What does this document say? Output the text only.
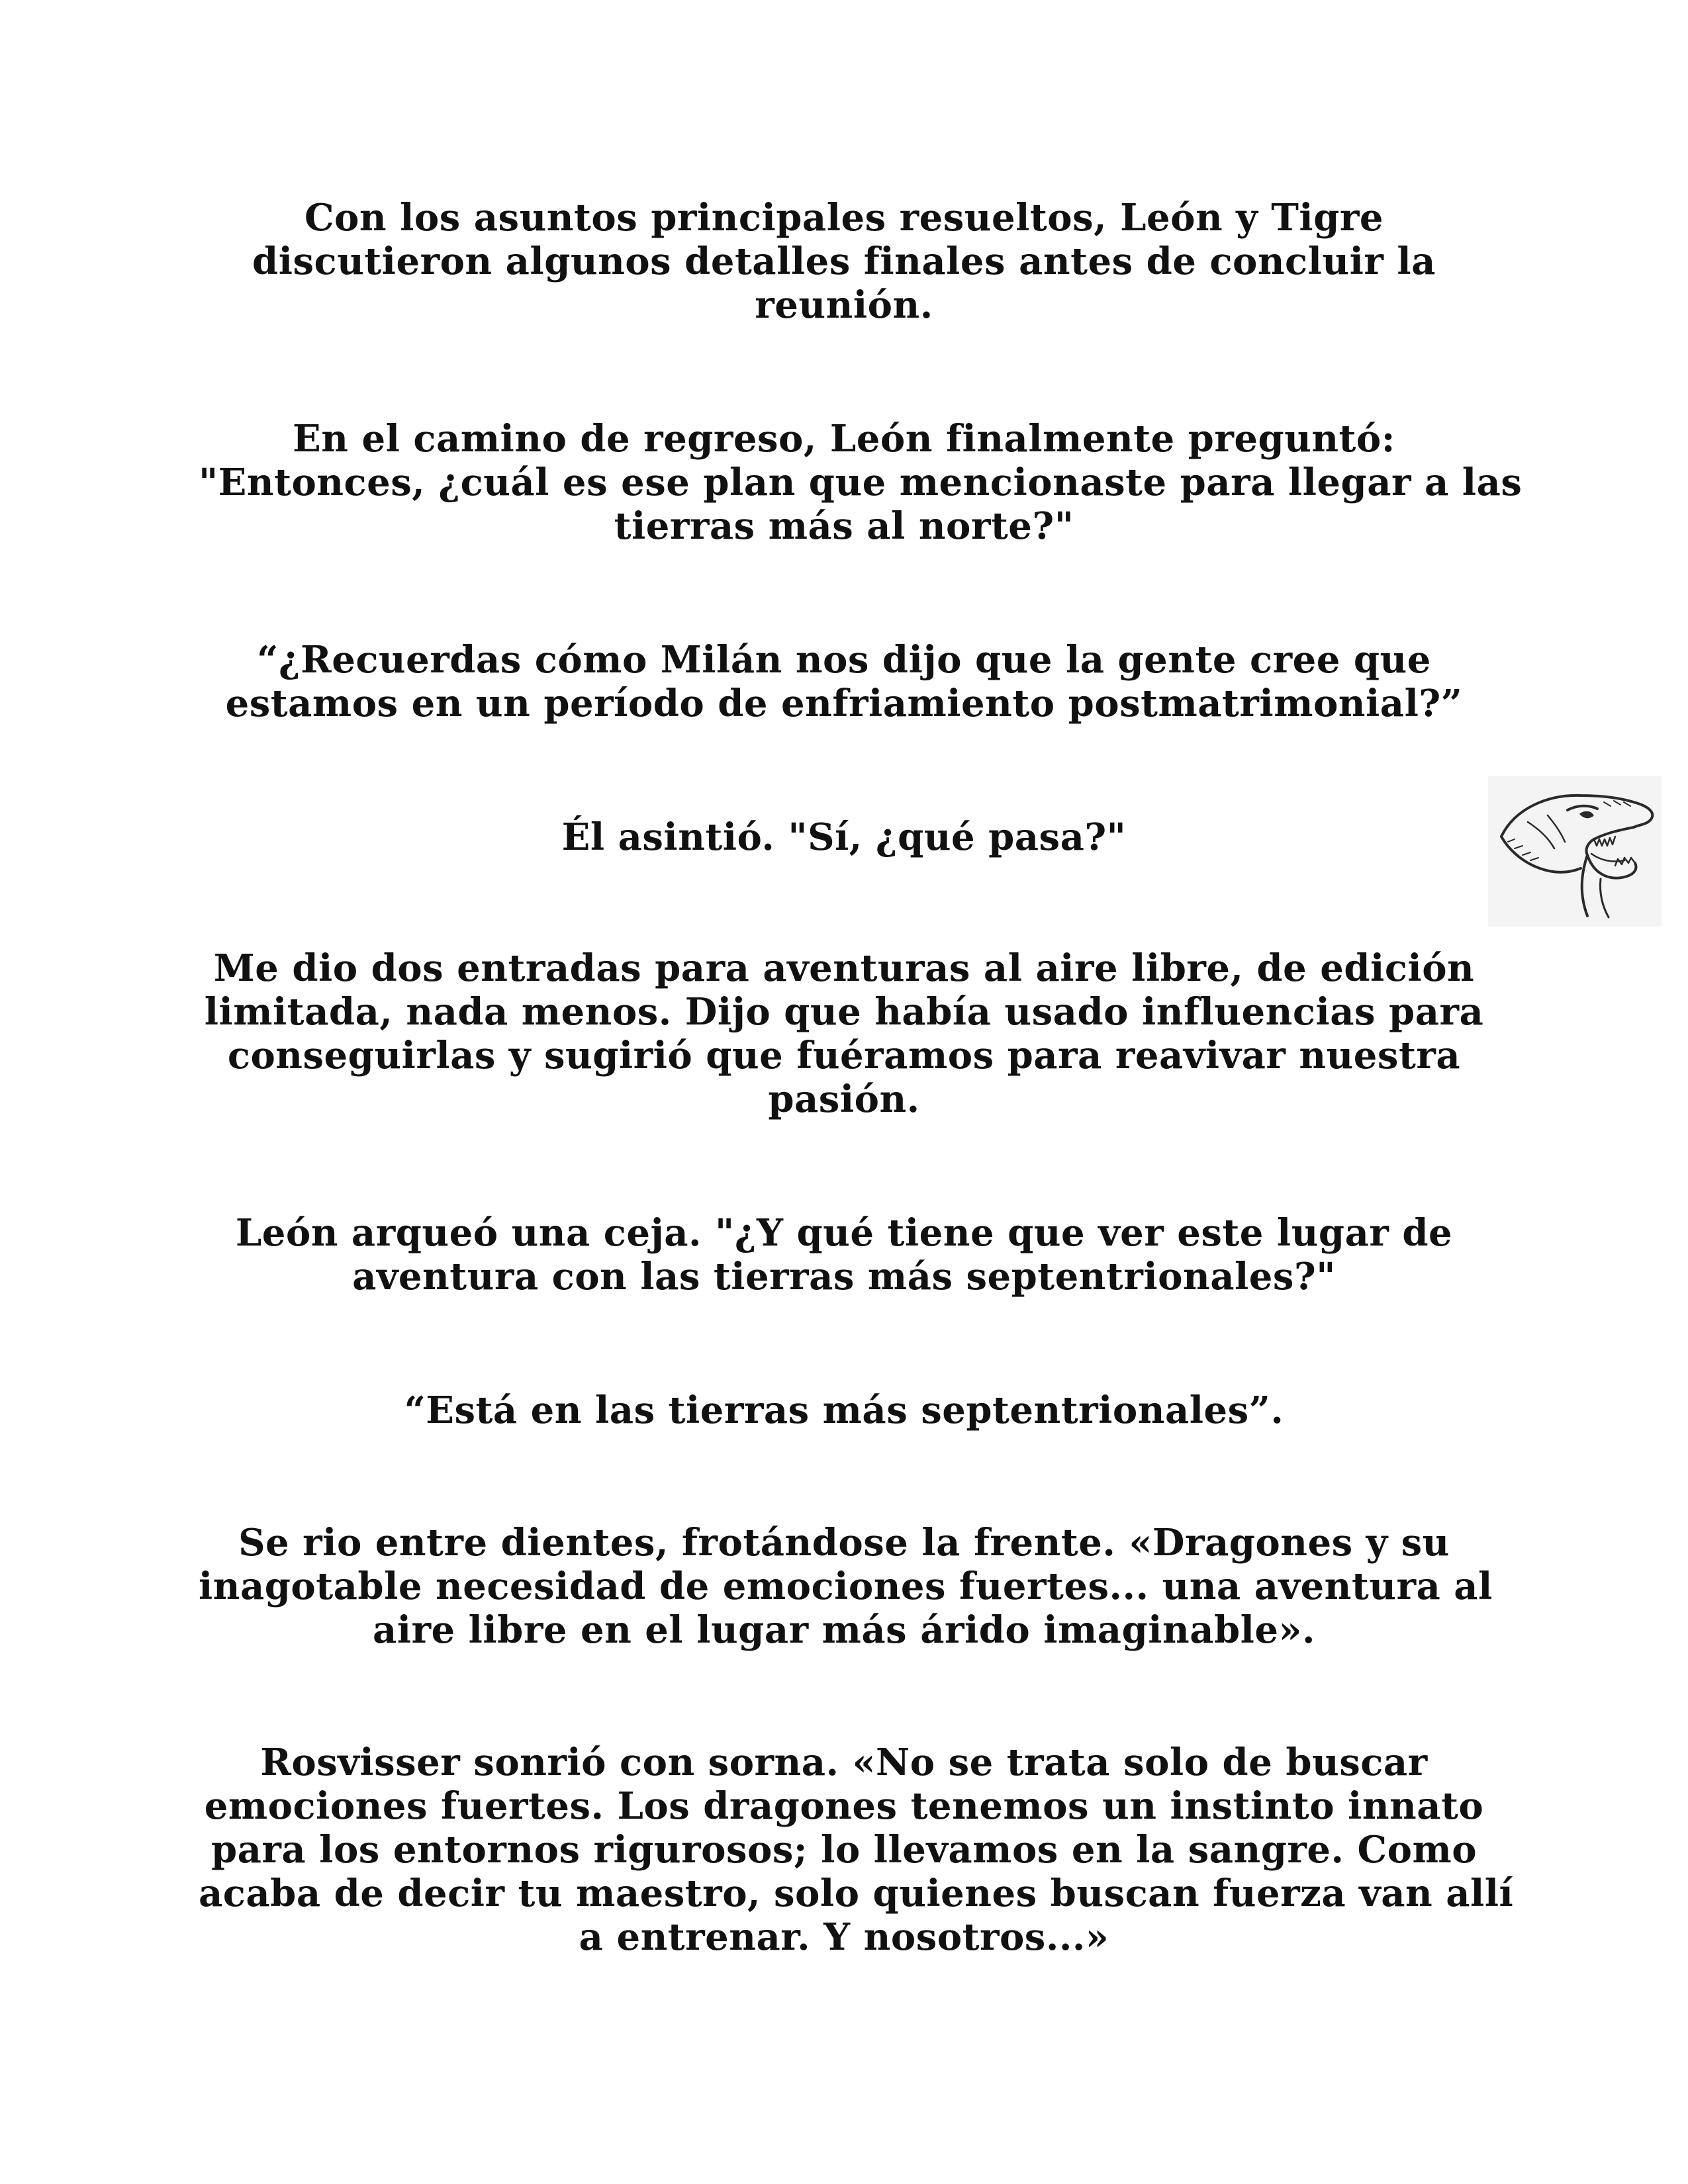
Con los asuntos principales resueltos, León y Tigre
discutieron algunos detalles finales antes de concluir la
reunión.

En el camino de regreso, León finalmente preguntó:
"Entonces, ¿cuál es ese plan que mencionaste para llegar a las
tierras más al norte?"

“¿Recuerdas cómo Milán nos dijo que la gente cree que
estamos en un período de enfriamiento postmatrimonial?”

Él asintió. "Sí, ¿qué pasa?"

Me dio dos entradas para aventuras al aire libre, de edición
limitada, nada menos. Dijo que había usado influencias para
conseguirlas y sugirió que fuéramos para reavivar nuestra
pasión.

León arqueó una ceja. "¿Y qué tiene que ver este lugar de
aventura con las tierras más septentrionales?"

“Está en las tierras más septentrionales”.

Se rio entre dientes, frotándose la frente. «Dragones y su
inagotable necesidad de emociones fuertes... una aventura al
aire libre en el lugar más árido imaginable».

Rosvisser sonrió con sorna. «No se trata solo de buscar
emociones fuertes. Los dragones tenemos un instinto innato
para los entornos rigurosos; lo llevamos en la sangre. Como
acaba de decir tu maestro, solo quienes buscan fuerza van allí
a entrenar. Y nosotros...»
